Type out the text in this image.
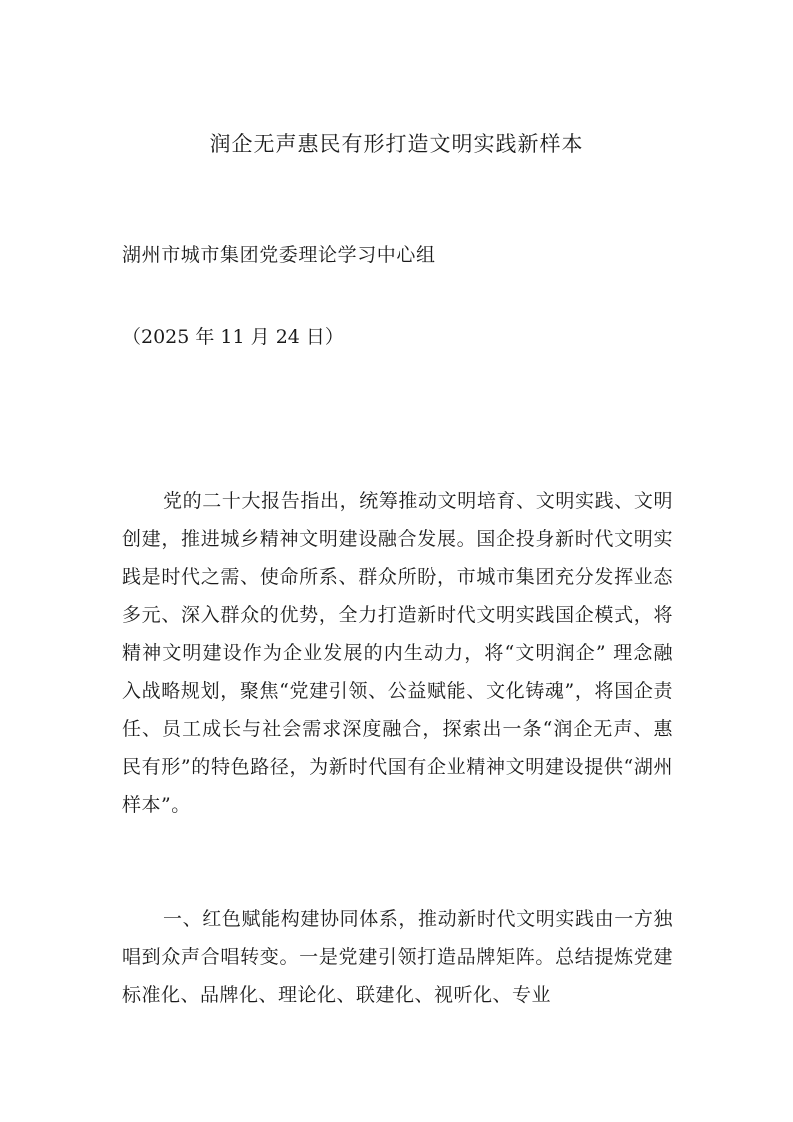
润企无声惠民有形打造文明实践新样本
湖州市城市集团党委理论学习中心组
（2025 年 11 月 24 日）

党的二十大报告指出，统筹推动文明培育、文明实践、文明创建，推进城乡精神文明建设融合发展。国企投身新时代文明实践是时代之需、使命所系、群众所盼，市城市集团充分发挥业态多元、深入群众的优势，全力打造新时代文明实践国企模式，将精神文明建设作为企业发展的内生动力，将“文明润企” 理念融入战略规划，聚焦“党建引领、公益赋能、文化铸魂”，将国企责任、员工成长与社会需求深度融合，探索出一条“润企无声、惠民有形”的特色路径，为新时代国有企业精神文明建设提供“湖州样本”。

一、红色赋能构建协同体系，推动新时代文明实践由一方独唱到众声合唱转变。一是党建引领打造品牌矩阵。总结提炼党建标准化、品牌化、理论化、联建化、视听化、专业
